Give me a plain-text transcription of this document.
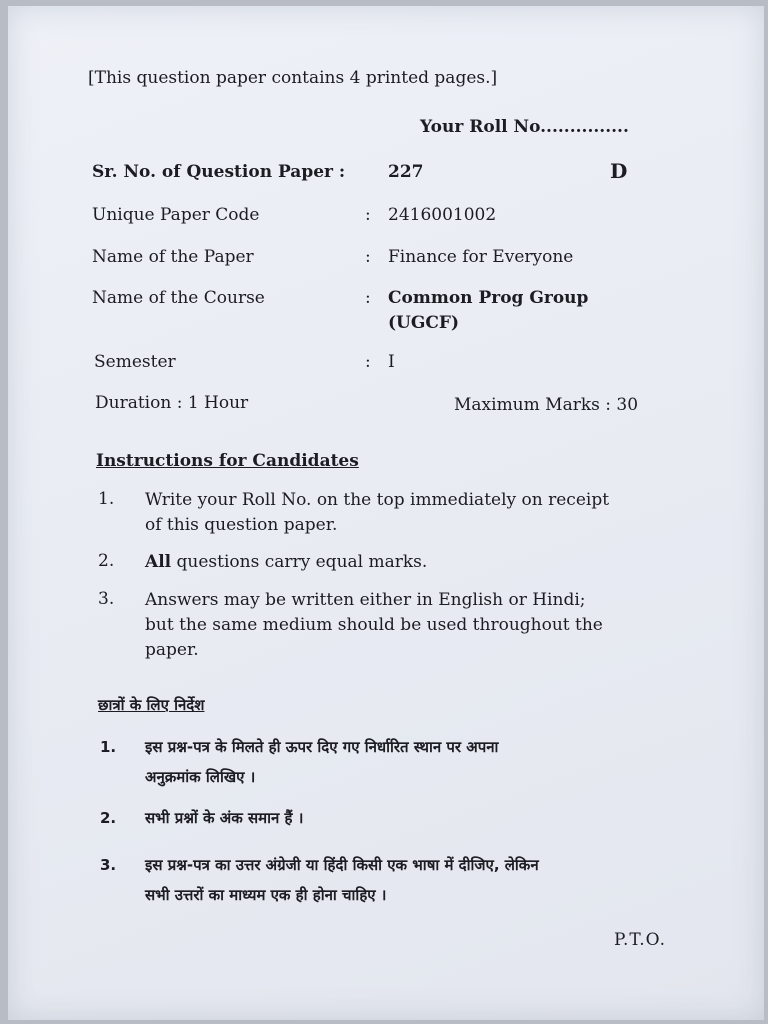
[This question paper contains 4 printed pages.]
Your Roll No...............
Sr. No. of Question Paper :	227	D
Unique Paper Code	: 2416001002
Name of the Paper	: Finance for Everyone
Name of the Course	: Common Prog Group
(UGCF)
Semester	: I
Duration : 1 Hour	Maximum Marks : 30
Instructions for Candidates
1. Write your Roll No. on the top immediately on receipt
of this question paper.
2. All questions carry equal marks.
3. Answers may be written either in English or Hindi;
but the same medium should be used throughout the
paper.
छात्रों के लिए निर्देश
1. इस प्रश्न-पत्र के मिलते ही ऊपर दिए गए निर्धारित स्थान पर अपना
अनुक्रमांक लिखिए ।
2. सभी प्रश्नों के अंक समान हैं ।
3. इस प्रश्न-पत्र का उत्तर अंग्रेजी या हिंदी किसी एक भाषा में दीजिए, लेकिन
सभी उत्तरों का माध्यम एक ही होना चाहिए ।
P.T.O.
